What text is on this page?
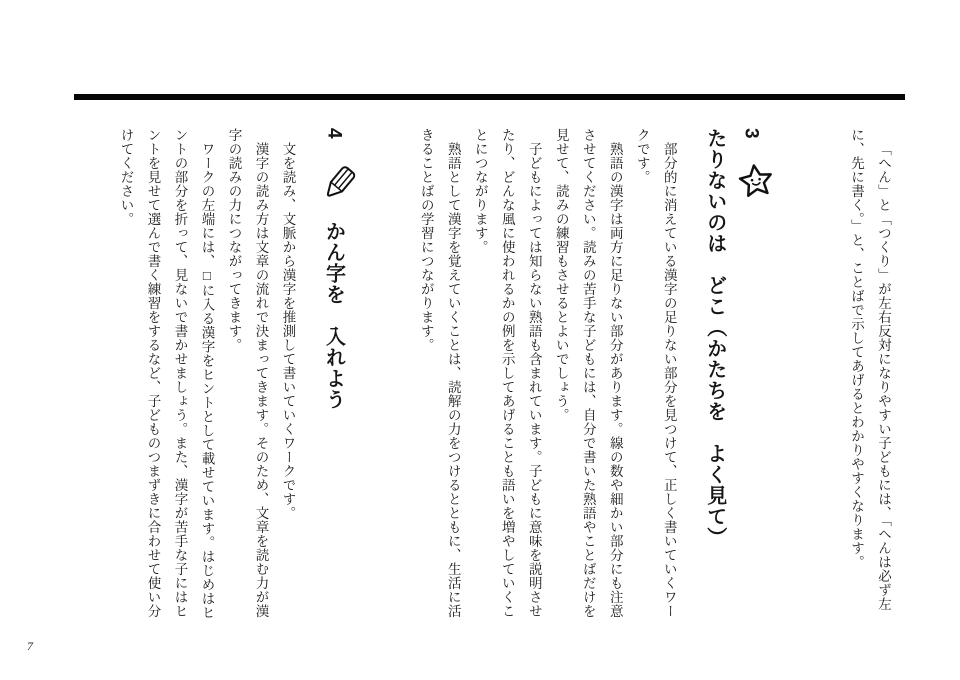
「へん」と「つくり」が左右反対になりやすい子どもには、「へんは必ず左に、先に書く。」と、ことばで示してあげるとわかりやすくなります。

3
たりないのは　どこ（かたちを　よく見て）

部分的に消えている漢字の足りない部分を見つけて、正しく書いていくワークです。

熟語の漢字は両方に足りない部分があります。線の数や細かい部分にも注意させてください。読みの苦手な子どもには、自分で書いた熟語やことばだけを見せて、読みの練習もさせるとよいでしょう。

子どもによっては知らない熟語も含まれています。子どもに意味を説明させたり、どんな風に使われるかの例を示してあげることも語いを増やしていくことにつながります。

熟語として漢字を覚えていくことは、読解の力をつけるとともに、生活に活きることばの学習につながります。

4
かん字を　入れよう

文を読み、文脈から漢字を推測して書いていくワークです。

漢字の読み方は文章の流れで決まってきます。そのため、文章を読む力が漢字の読みの力につながってきます。

ワークの左端には、□に入る漢字をヒントとして載せています。はじめはヒントの部分を折って、見ないで書かせましょう。また、漢字が苦手な子にはヒントを見せて選んで書く練習をするなど、子どものつまずきに合わせて使い分けてください。

7
